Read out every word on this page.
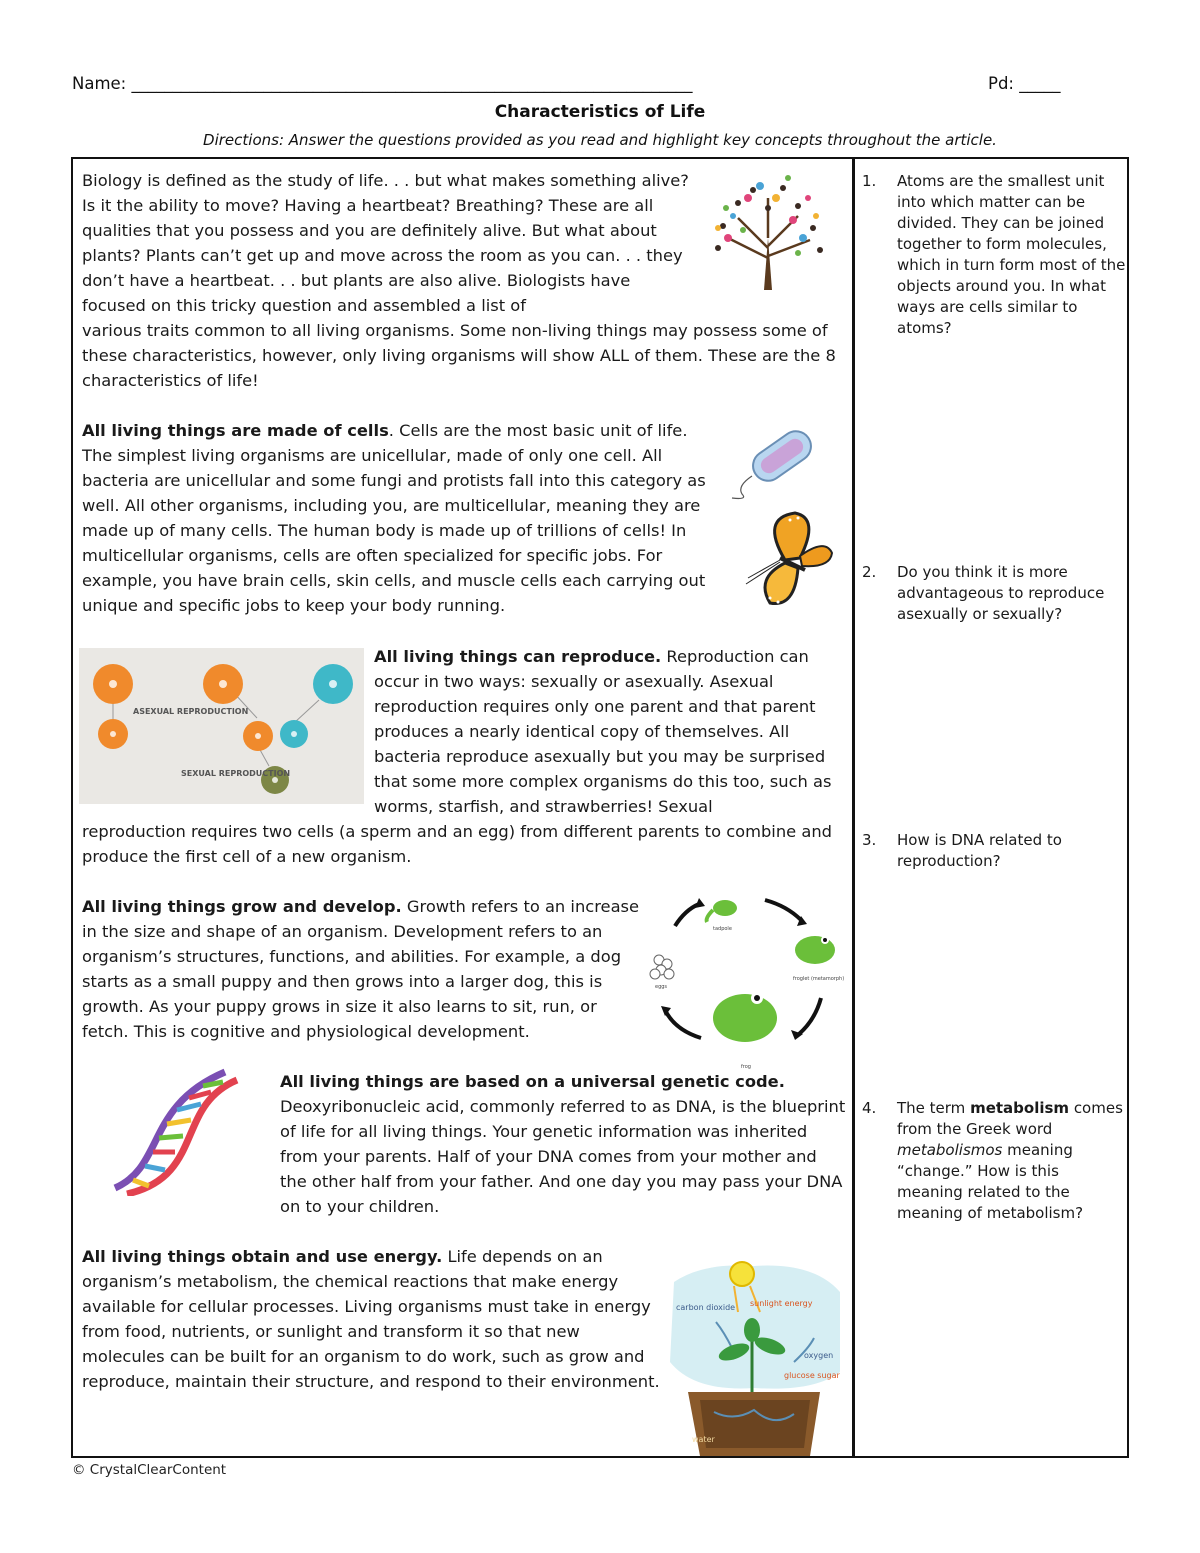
Name: ____________________________________________________________________	Pd: _____
Characteristics of Life
Directions: Answer the questions provided as you read and highlight key concepts throughout the article.
Biology is defined as the study of life. . . but what makes something alive? Is it the ability to move? Having a heartbeat? Breathing? These are all qualities that you possess and you are definitely alive. But what about plants? Plants can’t get up and move across the room as you can. . . they don’t have a heartbeat. . . but plants are also alive. Biologists have focused on this tricky question and assembled a list of
various traits common to all living organisms. Some non-living things may possess some of these characteristics, however, only living organisms will show ALL of them. These are the 8 characteristics of life!
All living things are made of cells. Cells are the most basic unit of life. The simplest living organisms are unicellular, made of only one cell. All bacteria are unicellular and some fungi and protists fall into this category as well. All other organisms, including you, are multicellular, meaning they are made up of many cells. The human body is made up of trillions of cells! In multicellular organisms, cells are often specialized for specific jobs. For example, you have brain cells, skin cells, and muscle cells each carrying out unique and specific jobs to keep your body running.
ASEXUAL REPRODUCTION
SEXUAL REPRODUCTION
All living things can reproduce. Reproduction can occur in two ways: sexually or asexually. Asexual reproduction requires only one parent and that parent produces a nearly identical copy of themselves. All bacteria reproduce asexually but you may be surprised that some more complex organisms do this too, such as worms, starfish, and strawberries! Sexual
reproduction requires two cells (a sperm and an egg) from different parents to combine and produce the first cell of a new organism.
All living things grow and develop. Growth refers to an increase in the size and shape of an organism. Development refers to an organism’s structures, functions, and abilities. For example, a dog starts as a small puppy and then grows into a larger dog, this is growth. As your puppy grows in size it also learns to sit, run, or fetch. This is cognitive and physiological development.
tadpole
froglet (metamorph)
eggs
frog
All living things are based on a universal genetic code. Deoxyribonucleic acid, commonly referred to as DNA, is the blueprint of life for all living things. Your genetic information was inherited from your parents. Half of your DNA comes from your mother and the other half from your father. And one day you may pass your DNA on to your children.
All living things obtain and use energy. Life depends on an organism’s metabolism, the chemical reactions that make energy available for cellular processes. Living organisms must take in energy from food, nutrients, or sunlight and transform it so that new molecules can be built for an organism to do work, such as grow and reproduce, maintain their structure, and respond to their environment.
sunlight energy
carbon dioxide
oxygen
glucose sugar
water
1. Atoms are the smallest unit into which matter can be divided. They can be joined together to form molecules, which in turn form most of the objects around you. In what ways are cells similar to atoms?
2. Do you think it is more advantageous to reproduce asexually or sexually?
3. How is DNA related to reproduction?
4. The term metabolism comes from the Greek word metabolismos meaning “change.” How is this meaning related to the meaning of metabolism?
© CrystalClearContent
